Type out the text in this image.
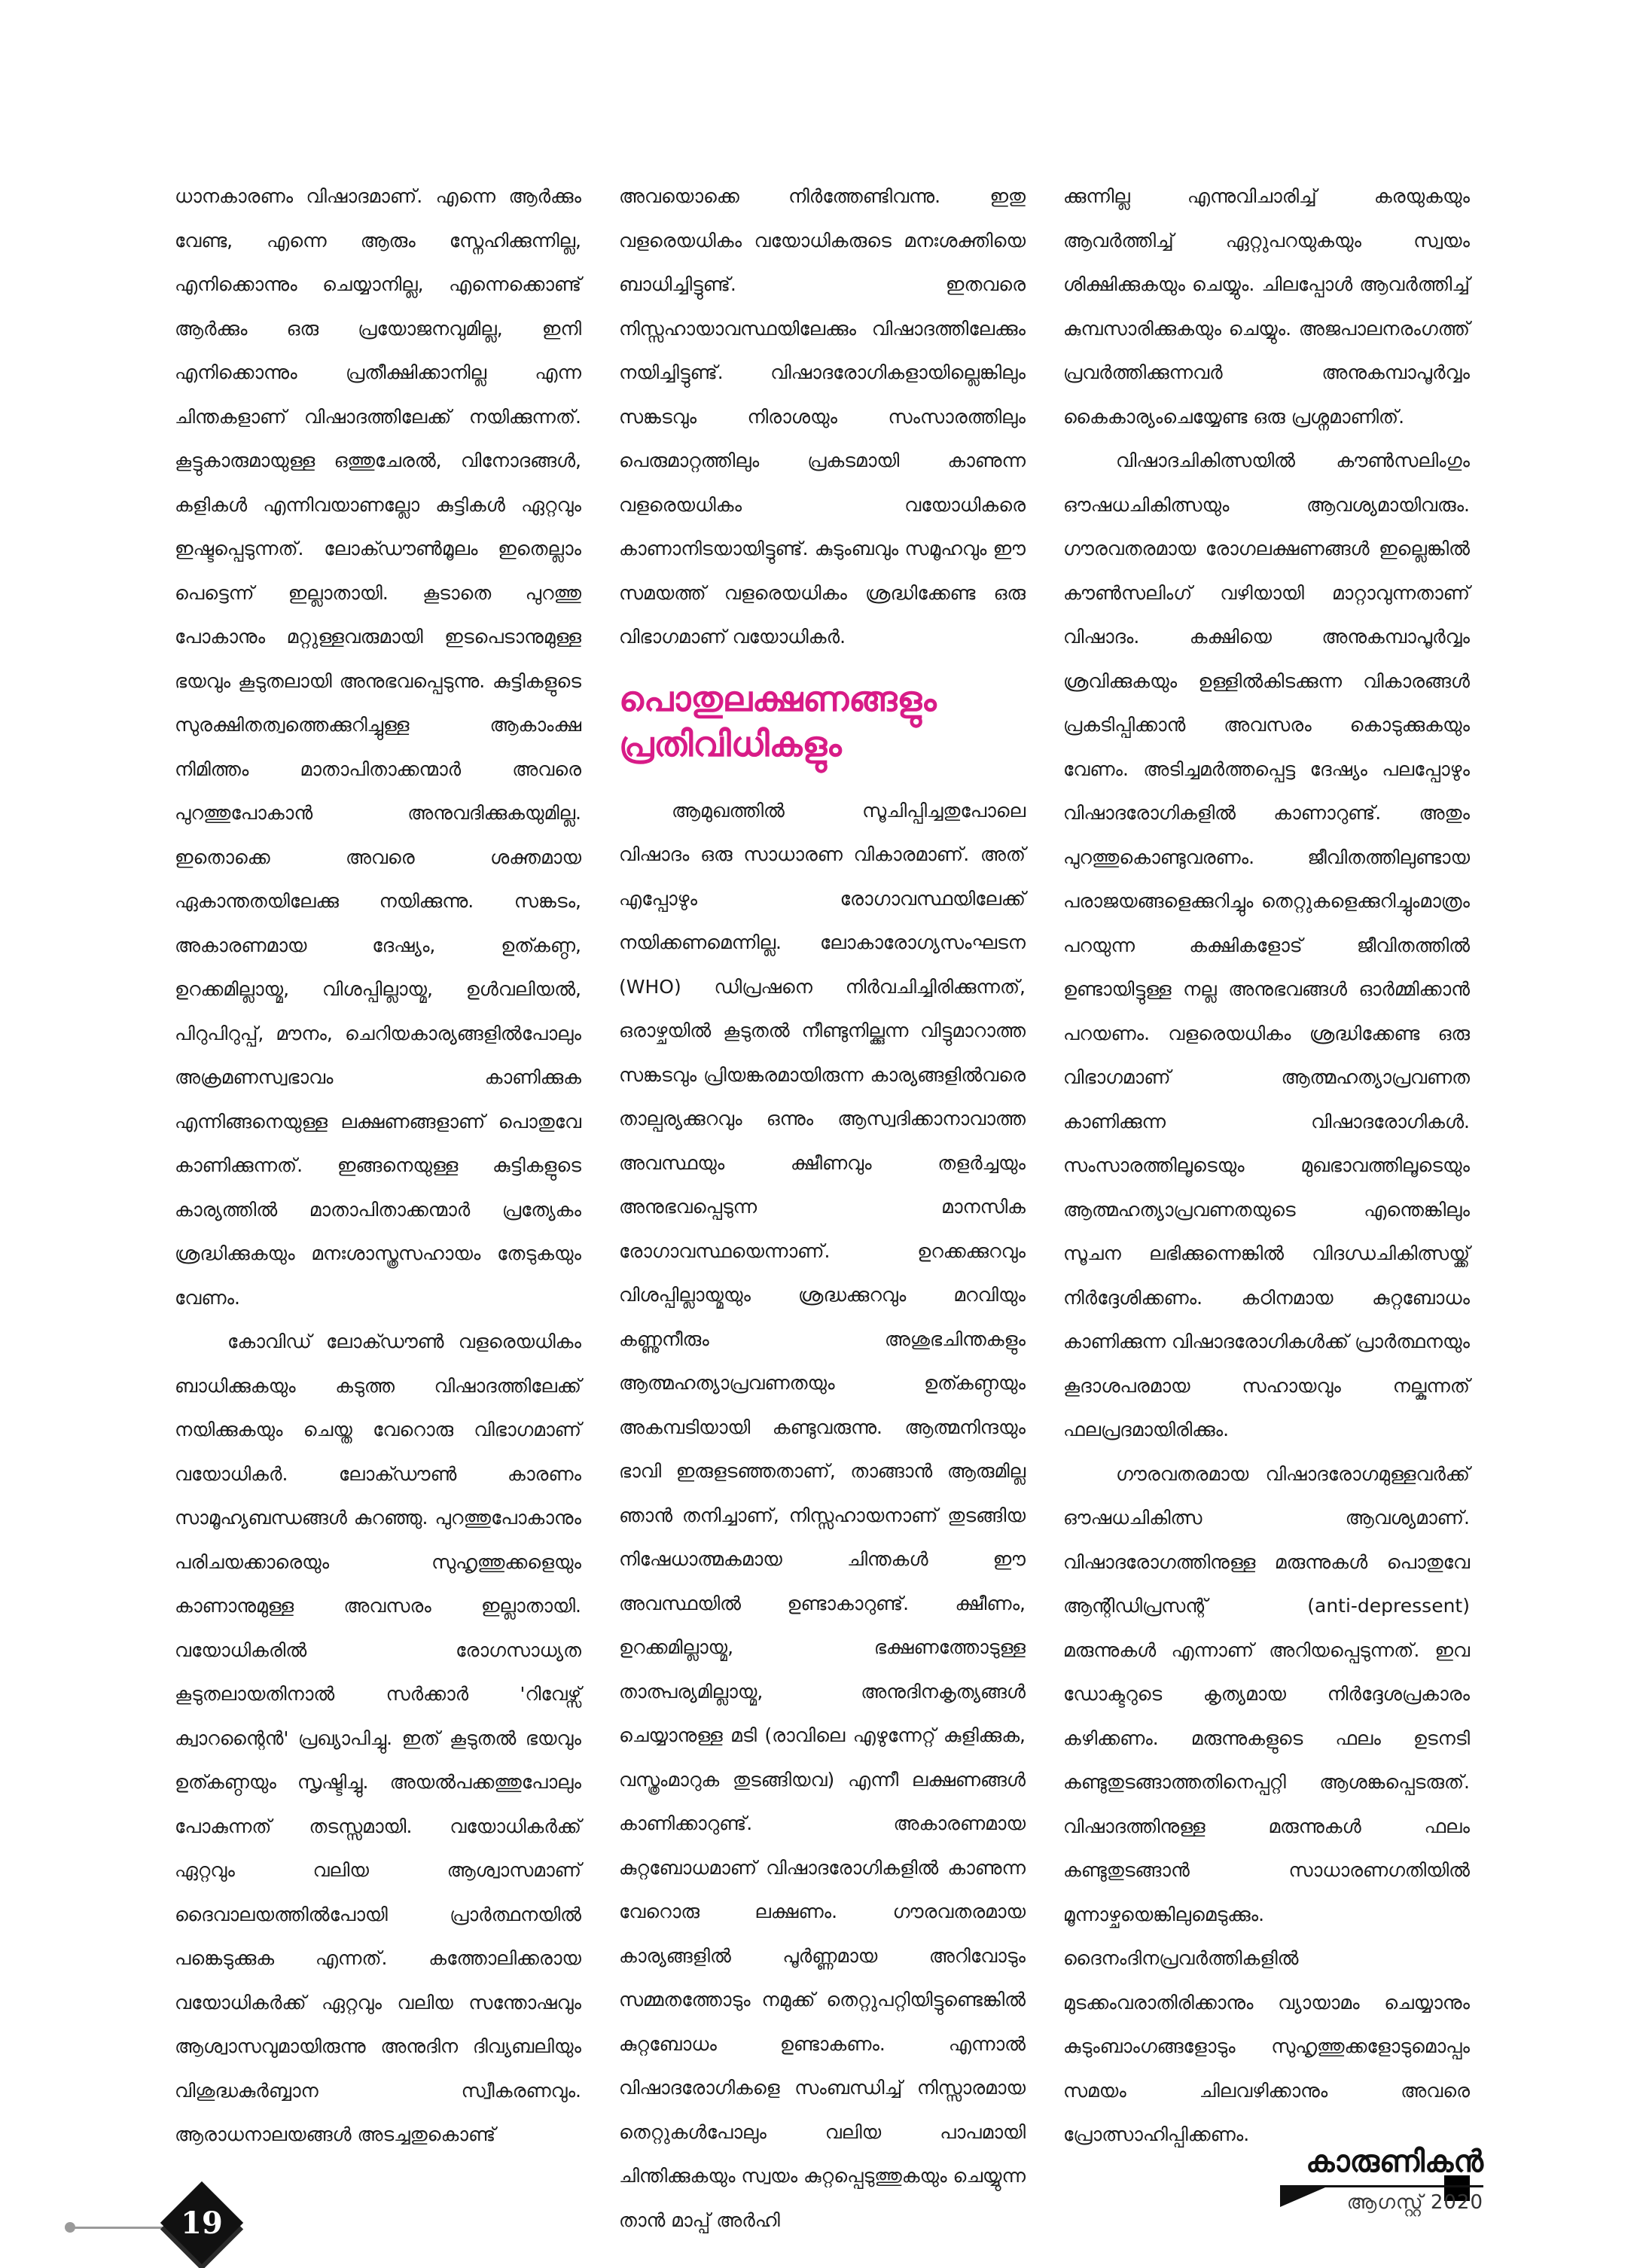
ധാനകാരണം വിഷാദമാണ്. എന്നെ ആർക്കും വേണ്ട, എന്നെ ആരും സ്നേഹിക്കുന്നില്ല, എനിക്കൊന്നും ചെയ്യാനില്ല, എന്നെക്കൊണ്ട് ആർക്കും ഒരു പ്രയോജനവുമില്ല, ഇനി എനിക്കൊന്നും പ്രതീക്ഷിക്കാനില്ല എന്ന ചിന്തകളാണ് വിഷാദത്തിലേക്ക് നയിക്കുന്നത്. കൂട്ടുകാരുമായുള്ള ഒത്തുചേരൽ, വിനോദങ്ങൾ, കളികൾ എന്നിവയാണല്ലോ കുട്ടികൾ ഏറ്റവും ഇഷ്ടപ്പെടുന്നത്. ലോക്ഡൗൺമൂലം ഇതെല്ലാം പെട്ടെന്ന് ഇല്ലാതായി. കൂടാതെ പുറത്തു പോകാനും മറ്റുള്ളവരുമായി ഇടപെടാനുമുള്ള ഭയവും കൂടുതലായി അനുഭവപ്പെടുന്നു. കുട്ടികളുടെ സുരക്ഷിതത്വത്തെക്കുറിച്ചുള്ള ആകാംക്ഷ നിമിത്തം മാതാപിതാക്കന്മാർ അവരെ പുറത്തുപോകാൻ അനുവദിക്കുകയുമില്ല. ഇതൊക്കെ അവരെ ശക്തമായ ഏകാന്തതയിലേക്കു നയിക്കുന്നു. സങ്കടം, അകാരണമായ ദേഷ്യം, ഉത്കണ്ഠ, ഉറക്കമില്ലായ്മ, വിശപ്പില്ലായ്മ, ഉൾവലിയൽ, പിറുപിറുപ്പ്, മൗനം, ചെറിയകാര്യങ്ങളിൽപോലും അക്രമണസ്വഭാവം കാണിക്കുക എന്നിങ്ങനെയുള്ള ലക്ഷണങ്ങളാണ് പൊതുവേ കാണിക്കുന്നത്. ഇങ്ങനെയുള്ള കുട്ടികളുടെ കാര്യത്തിൽ മാതാപിതാക്കന്മാർ പ്രത്യേകം ശ്രദ്ധിക്കുകയും മനഃശാസ്ത്രസഹായം തേടുകയും വേണം.

കോവിഡ് ലോക്ഡൗൺ വളരെയധികം ബാധിക്കുകയും കടുത്ത വിഷാദത്തിലേക്ക് നയിക്കുകയും ചെയ്ത വേറൊരു വിഭാഗമാണ് വയോധികർ. ലോക്ഡൗൺ കാരണം സാമൂഹ്യബന്ധങ്ങൾ കുറഞ്ഞു. പുറത്തുപോകാനും പരിചയക്കാരെയും സുഹൃത്തുക്കളെയും കാണാനുമുള്ള അവസരം ഇല്ലാതായി. വയോധികരിൽ രോഗസാധ്യത കൂടുതലായതിനാൽ സർക്കാർ 'റിവേഴ്സ് ക്വാറന്റൈൻ' പ്രഖ്യാപിച്ചു. ഇത് കൂടുതൽ ഭയവും ഉത്കണ്ഠയും സൃഷ്ടിച്ചു. അയൽപക്കത്തുപോലും പോകുന്നത് തടസ്സമായി. വയോധികർക്ക് ഏറ്റവും വലിയ ആശ്വാസമാണ് ദൈവാലയത്തിൽപോയി പ്രാർത്ഥനയിൽ പങ്കെടുക്കുക എന്നത്. കത്തോലിക്കരായ വയോധികർക്ക് ഏറ്റവും വലിയ സന്തോഷവും ആശ്വാസവുമായിരുന്നു അനുദിന ദിവ്യബലിയും വിശുദ്ധകുർബ്ബാന സ്വീകരണവും. ആരാധനാലയങ്ങൾ അടച്ചതുകൊണ്ട്

അവയൊക്കെ നിർത്തേണ്ടിവന്നു. ഇതു വളരെയധികം വയോധികരുടെ മനഃശക്തിയെ ബാധിച്ചിട്ടുണ്ട്. ഇതവരെ നിസ്സഹായാവസ്ഥയിലേക്കും വിഷാദത്തിലേക്കും നയിച്ചിട്ടുണ്ട്. വിഷാദരോഗികളായില്ലെങ്കിലും സങ്കടവും നിരാശയും സംസാരത്തിലും പെരുമാറ്റത്തിലും പ്രകടമായി കാണുന്ന വളരെയധികം വയോധികരെ കാണാനിടയായിട്ടുണ്ട്. കുടുംബവും സമൂഹവും ഈ സമയത്ത് വളരെയധികം ശ്രദ്ധിക്കേണ്ട ഒരു വിഭാഗമാണ് വയോധികർ.

പൊതുലക്ഷണങ്ങളും പ്രതിവിധികളും

ആമുഖത്തിൽ സൂചിപ്പിച്ചതുപോലെ വിഷാദം ഒരു സാധാരണ വികാരമാണ്. അത് എപ്പോഴും രോഗാവസ്ഥയിലേക്ക് നയിക്കണമെന്നില്ല. ലോകാരോഗ്യസംഘടന (WHO) ഡിപ്രഷനെ നിർവചിച്ചിരിക്കുന്നത്, ഒരാഴ്ചയിൽ കൂടുതൽ നീണ്ടുനില്ക്കുന്ന വിട്ടുമാറാത്ത സങ്കടവും പ്രിയങ്കരമായിരുന്ന കാര്യങ്ങളിൽവരെ താല്പര്യക്കുറവും ഒന്നും ആസ്വദിക്കാനാവാത്ത അവസ്ഥയും ക്ഷീണവും തളർച്ചയും അനുഭവപ്പെടുന്ന മാനസിക രോഗാവസ്ഥയെന്നാണ്. ഉറക്കക്കുറവും വിശപ്പില്ലായ്മയും ശ്രദ്ധക്കുറവും മറവിയും കണ്ണുനീരും അശുഭചിന്തകളും ആത്മഹത്യാപ്രവണതയും ഉത്കണ്ഠയും അകമ്പടിയായി കണ്ടുവരുന്നു. ആത്മനിന്ദയും ഭാവി ഇരുളടഞ്ഞതാണ്, താങ്ങാൻ ആരുമില്ല ഞാൻ തനിച്ചാണ്, നിസ്സഹായനാണ് തുടങ്ങിയ നിഷേധാത്മകമായ ചിന്തകൾ ഈ അവസ്ഥയിൽ ഉണ്ടാകാറുണ്ട്. ക്ഷീണം, ഉറക്കമില്ലായ്മ, ഭക്ഷണത്തോടുള്ള താത്പര്യമില്ലായ്മ, അനുദിനകൃത്യങ്ങൾ ചെയ്യാനുള്ള മടി (രാവിലെ എഴുന്നേറ്റ് കുളിക്കുക, വസ്ത്രംമാറുക തുടങ്ങിയവ) എന്നീ ലക്ഷണങ്ങൾ കാണിക്കാറുണ്ട്. അകാരണമായ കുറ്റബോധമാണ് വിഷാദരോഗികളിൽ കാണുന്ന വേറൊരു ലക്ഷണം. ഗൗരവതരമായ കാര്യങ്ങളിൽ പൂർണ്ണമായ അറിവോടും സമ്മതത്തോടും നമുക്ക് തെറ്റുപറ്റിയിട്ടുണ്ടെങ്കിൽ കുറ്റബോധം ഉണ്ടാകണം. എന്നാൽ വിഷാദരോഗികളെ സംബന്ധിച്ച് നിസ്സാരമായ തെറ്റുകൾപോലും വലിയ പാപമായി ചിന്തിക്കുകയും സ്വയം കുറ്റപ്പെടുത്തുകയും ചെയ്യുന്ന താൻ മാപ്പ് അർഹി

ക്കുന്നില്ല എന്നുവിചാരിച്ച് കരയുകയും ആവർത്തിച്ച് ഏറ്റുപറയുകയും സ്വയം ശിക്ഷിക്കുകയും ചെയ്യും. ചിലപ്പോൾ ആവർത്തിച്ച് കുമ്പസാരിക്കുകയും ചെയ്യും. അജപാലനരംഗത്ത് പ്രവർത്തിക്കുന്നവർ അനുകമ്പാപൂർവ്വം കൈകാര്യംചെയ്യേണ്ട ഒരു പ്രശ്നമാണിത്.

വിഷാദചികിത്സയിൽ കൗൺസലിംഗും ഔഷധചികിത്സയും ആവശ്യമായിവരും. ഗൗരവതരമായ രോഗലക്ഷണങ്ങൾ ഇല്ലെങ്കിൽ കൗൺസലിംഗ് വഴിയായി മാറ്റാവുന്നതാണ് വിഷാദം. കക്ഷിയെ അനുകമ്പാപൂർവ്വം ശ്രവിക്കുകയും ഉള്ളിൽകിടക്കുന്ന വികാരങ്ങൾ പ്രകടിപ്പിക്കാൻ അവസരം കൊടുക്കുകയും വേണം. അടിച്ചമർത്തപ്പെട്ട ദേഷ്യം പലപ്പോഴും വിഷാദരോഗികളിൽ കാണാറുണ്ട്. അതും പുറത്തുകൊണ്ടുവരണം. ജീവിതത്തിലുണ്ടായ പരാജയങ്ങളെക്കുറിച്ചും തെറ്റുകളെക്കുറിച്ചുംമാത്രം പറയുന്ന കക്ഷികളോട് ജീവിതത്തിൽ ഉണ്ടായിട്ടുള്ള നല്ല അനുഭവങ്ങൾ ഓർമ്മിക്കാൻ പറയണം. വളരെയധികം ശ്രദ്ധിക്കേണ്ട ഒരു വിഭാഗമാണ് ആത്മഹത്യാപ്രവണത കാണിക്കുന്ന വിഷാദരോഗികൾ. സംസാരത്തിലൂടെയും മുഖഭാവത്തിലൂടെയും ആത്മഹത്യാപ്രവണതയുടെ എന്തെങ്കിലും സൂചന ലഭിക്കുന്നെങ്കിൽ വിദഗ്ധചികിത്സയ്ക്ക് നിർദ്ദേശിക്കണം. കഠിനമായ കുറ്റബോധം കാണിക്കുന്ന വിഷാദരോഗികൾക്ക് പ്രാർത്ഥനയും കൂദാശപരമായ സഹായവും നല്കുന്നത് ഫലപ്രദമായിരിക്കും.

ഗൗരവതരമായ വിഷാദരോഗമുള്ളവർക്ക് ഔഷധചികിത്സ ആവശ്യമാണ്. വിഷാദരോഗത്തിനുള്ള മരുന്നുകൾ പൊതുവേ ആന്റിഡിപ്രസന്റ് (anti-depressent) മരുന്നുകൾ എന്നാണ് അറിയപ്പെടുന്നത്. ഇവ ഡോക്ടറുടെ കൃത്യമായ നിർദ്ദേശപ്രകാരം കഴിക്കണം. മരുന്നുകളുടെ ഫലം ഉടനടി കണ്ടുതുടങ്ങാത്തതിനെപ്പറ്റി ആശങ്കപ്പെടരുത്. വിഷാദത്തിനുള്ള മരുന്നുകൾ ഫലം കണ്ടുതുടങ്ങാൻ സാധാരണഗതിയിൽ മൂന്നാഴ്ചയെങ്കിലുമെടുക്കും. ദൈനംദിനപ്രവർത്തികളിൽ മുടക്കംവരാതിരിക്കാനും വ്യായാമം ചെയ്യാനും കുടുംബാംഗങ്ങളോടും സുഹൃത്തുക്കളോടുമൊപ്പം സമയം ചിലവഴിക്കാനും അവരെ പ്രോത്സാഹിപ്പിക്കണം.

19
കാരുണികൻ
ആഗസ്റ്റ് 2020
